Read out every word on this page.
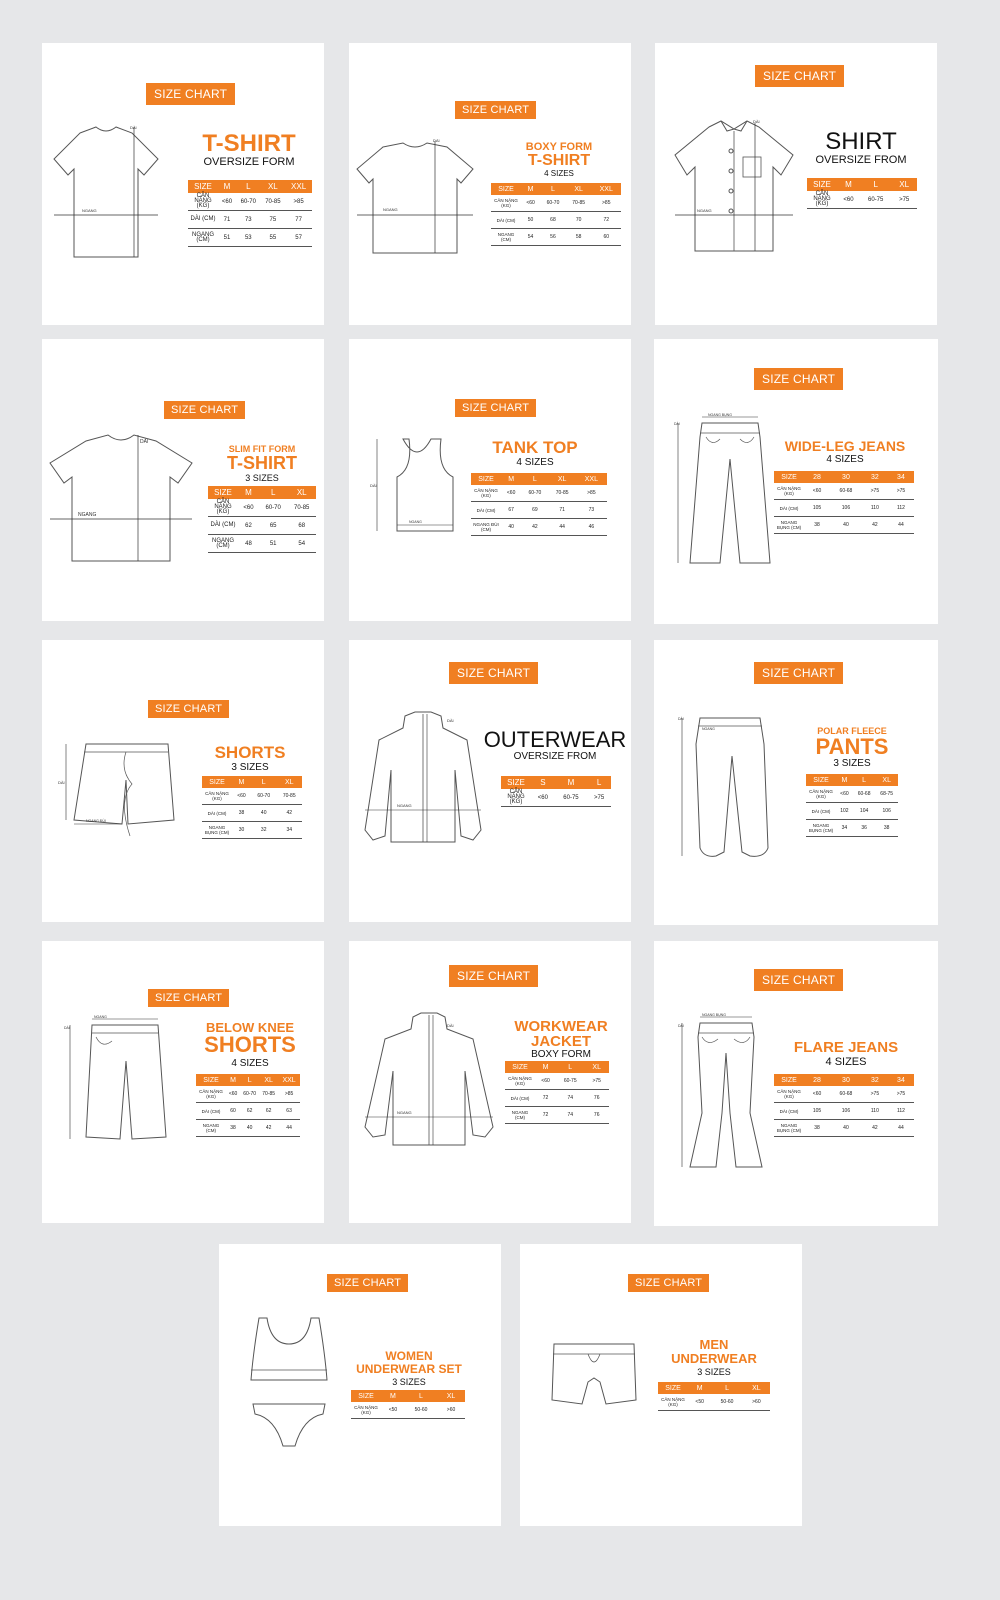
SIZE CHART
DÀI
NGANG
T-SHIRT
OVERSIZE FORM
SIZE	M	L	XL	XXL
CÂN NẶNG (KG)	<60	60-70	70-85	>85
DÀI (CM)	71	73	75	77
NGANG (CM)	51	53	55	57
SIZE CHART
DÀI
NGANG
BOXY FORM
T-SHIRT
4 SIZES
SIZE	M	L	XL	XXL
CÂN NẶNG (KG)	<60	60-70	70-85	>85
DÀI (CM)	50	68	70	72
NGANG (CM)	54	56	58	60
SIZE CHART
DÀI
NGANG
SHIRT
OVERSIZE FROM
SIZE	M	L	XL
CÂN NẶNG (KG)	<60	60-75	>75
SIZE CHART
DÀI
NGANG
SLIM FIT FORM
T-SHIRT
3 SIZES
SIZE	M	L	XL
CÂN NẶNG (KG)	<60	60-70	70-85
DÀI (CM)	62	65	68
NGANG (CM)	48	51	54
SIZE CHART
DÀI
NGANG
TANK TOP
4 SIZES
SIZE	M	L	XL	XXL
CÂN NẶNG (KG)	<60	60-70	70-85	>85
DÀI (CM)	67	69	71	73
NGANG ĐÙI (CM)	40	42	44	46
SIZE CHART
NGANG BỤNG
DÀI
WIDE-LEG JEANS
4 SIZES
SIZE	28	30	32	34
CÂN NẶNG (KG)	<60	60-68	>75	>75
DÀI (CM)	105	106	110	112
NGANG BỤNG (CM)	38	40	42	44
SIZE CHART
DÀI
NGANG ĐÙI
SHORTS
3 SIZES
SIZE	M	L	XL
CÂN NẶNG (KG)	<60	60-70	70-85
DÀI (CM)	38	40	42
NGANG BỤNG (CM)	30	32	34
SIZE CHART
DÀI
NGANG
OUTERWEAR
OVERSIZE FROM
SIZE	S	M	L
CÂN NẶNG (KG)	<60	60-75	>75
SIZE CHART
NGANG
DÀI
POLAR FLEECE
PANTS
3 SIZES
SIZE	M	L	XL
CÂN NẶNG (KG)	<60	60-68	68-75
DÀI (CM)	102	104	106
NGANG BỤNG (CM)	34	36	38
SIZE CHART
NGANG
DÀI	BELOW KNEE
SHORTS
4 SIZES
SIZE	M	L	XL	XXL
CÂN NẶNG (KG)	<60	60-70	70-85	>85
DÀI (CM)	60	62	62	63
NGANG (CM)	38	40	42	44
SIZE CHART
DÀI
NGANG
WORKWEAR JACKET
BOXY FORM
SIZE	M	L	XL
CÂN NẶNG (KG)	<60	60-75	>75
DÀI (CM)	72	74	76
NGANG (CM)	72	74	76
SIZE CHART
NGANG BỤNG
DÀI
FLARE JEANS
4 SIZES
SIZE	28	30	32	34
CÂN NẶNG (KG)	<60	60-68	>75	>75
DÀI (CM)	105	106	110	112
NGANG BỤNG (CM)	38	40	42	44
SIZE CHART
WOMEN UNDERWEAR SET
3 SIZES
SIZE	M	L	XL
CÂN NẶNG (KG)	<50	50-60	>60
SIZE CHART
MEN UNDERWEAR
3 SIZES
SIZE	M	L	XL
CÂN NẶNG (KG)	<50	50-60	>60
